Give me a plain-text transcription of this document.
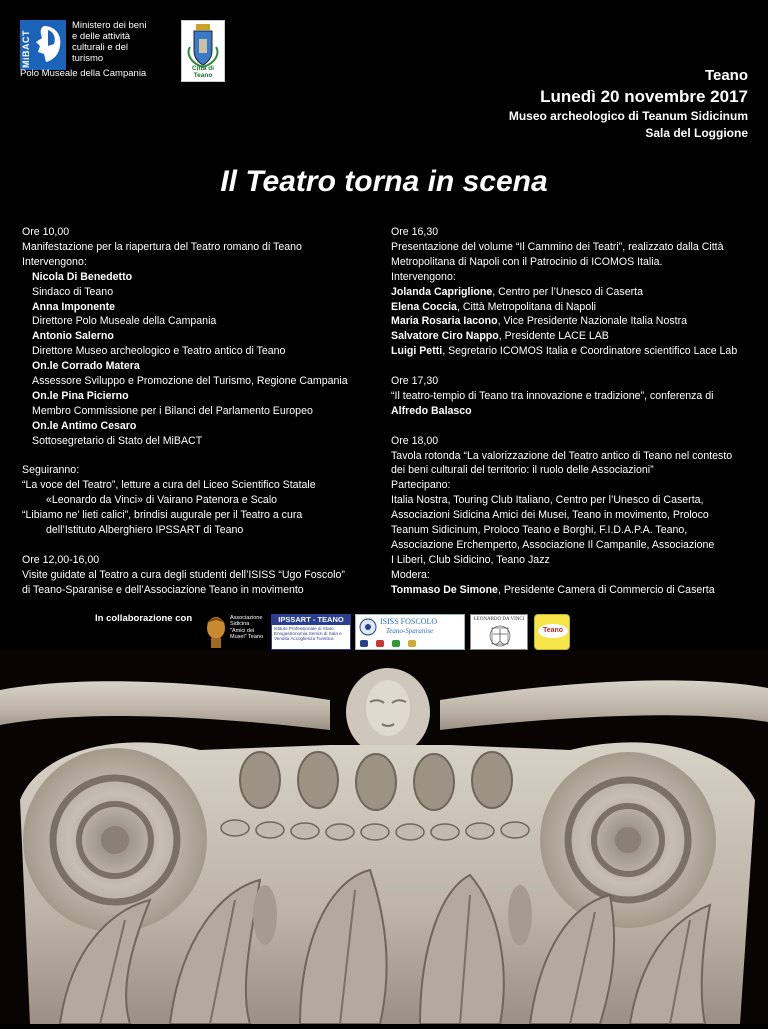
MiBACT
Ministero dei beni
e delle attività
culturali e del
turismo
Polo Museale della Campania	Città di Teano	Teano
Lunedì 20 novembre 2017
Museo archeologico di Teanum Sidicinum
Sala del Loggione
Il Teatro torna in scena

Ore 10,00

Manifestazione per la riapertura del Teatro romano di Teano

Intervengono:

Nicola Di Benedetto

Sindaco di Teano

Anna Imponente

Direttore Polo Museale della Campania

Antonio Salerno

Direttore Museo archeologico e Teatro antico di Teano

On.le Corrado Matera

Assessore Sviluppo e Promozione del Turismo, Regione Campania

On.le Pina Picierno

Membro Commissione per i Bilanci del Parlamento Europeo

On.le Antimo Cesaro

Sottosegretario di Stato del MiBACT

Seguiranno:

“La voce del Teatro”, letture a cura del Liceo Scientifico Statale

«Leonardo da Vinci» di Vairano Patenora e Scalo

“Libiamo ne’ lieti calici”, brindisi augurale per il Teatro a cura

dell’Istituto Alberghiero IPSSART di Teano

Ore 12,00-16,00

Visite guidate al Teatro a cura degli studenti dell’ISISS “Ugo Foscolo”

di Teano-Sparanise e dell’Associazione Teano in movimento

Ore 16,30

Presentazione del volume “Il Cammino dei Teatri”, realizzato dalla Città

Metropolitana di Napoli con il Patrocinio di ICOMOS Italia.

Intervengono:

Jolanda Capriglione, Centro per l’Unesco di Caserta

Elena Coccia, Città Metropolitana di Napoli

Maria Rosaria Iacono, Vice Presidente Nazionale Italia Nostra

Salvatore Ciro Nappo, Presidente LACE LAB

Luigi Petti, Segretario ICOMOS Italia e Coordinatore scientifico Lace Lab

Ore 17,30

“Il teatro-tempio di Teano tra innovazione e tradizione”, conferenza di

Alfredo Balasco

Ore 18,00

Tavola rotonda “La valorizzazione del Teatro antico di Teano nel contesto

dei beni culturali del territorio: il ruolo delle Associazioni”

Partecipano:

Italia Nostra, Touring Club Italiano, Centro per l’Unesco di Caserta,

Associazioni Sidicina Amici dei Musei, Teano in movimento, Proloco

Teanum Sidicinum, Proloco Teano e Borghi, F.I.D.A.P.A. Teano,

Associazione Erchemperto, Associazione Il Campanile, Associazione

I Liberi, Club Sidicino, Teano Jazz

Modera:

Tommaso De Simone, Presidente Camera di Commercio di Caserta

In collaborazione con	Associazione Sidicina "Amici dei Musei" Teano
IPSSART - TEANO
Istituto Professionale di Stato Enogastronomia Servizi di Sala e Vendita Accoglienza Turistica
ISISS FOSCOLO
Teano-Sparanise
LEONARDO DA VINCI
Teano
